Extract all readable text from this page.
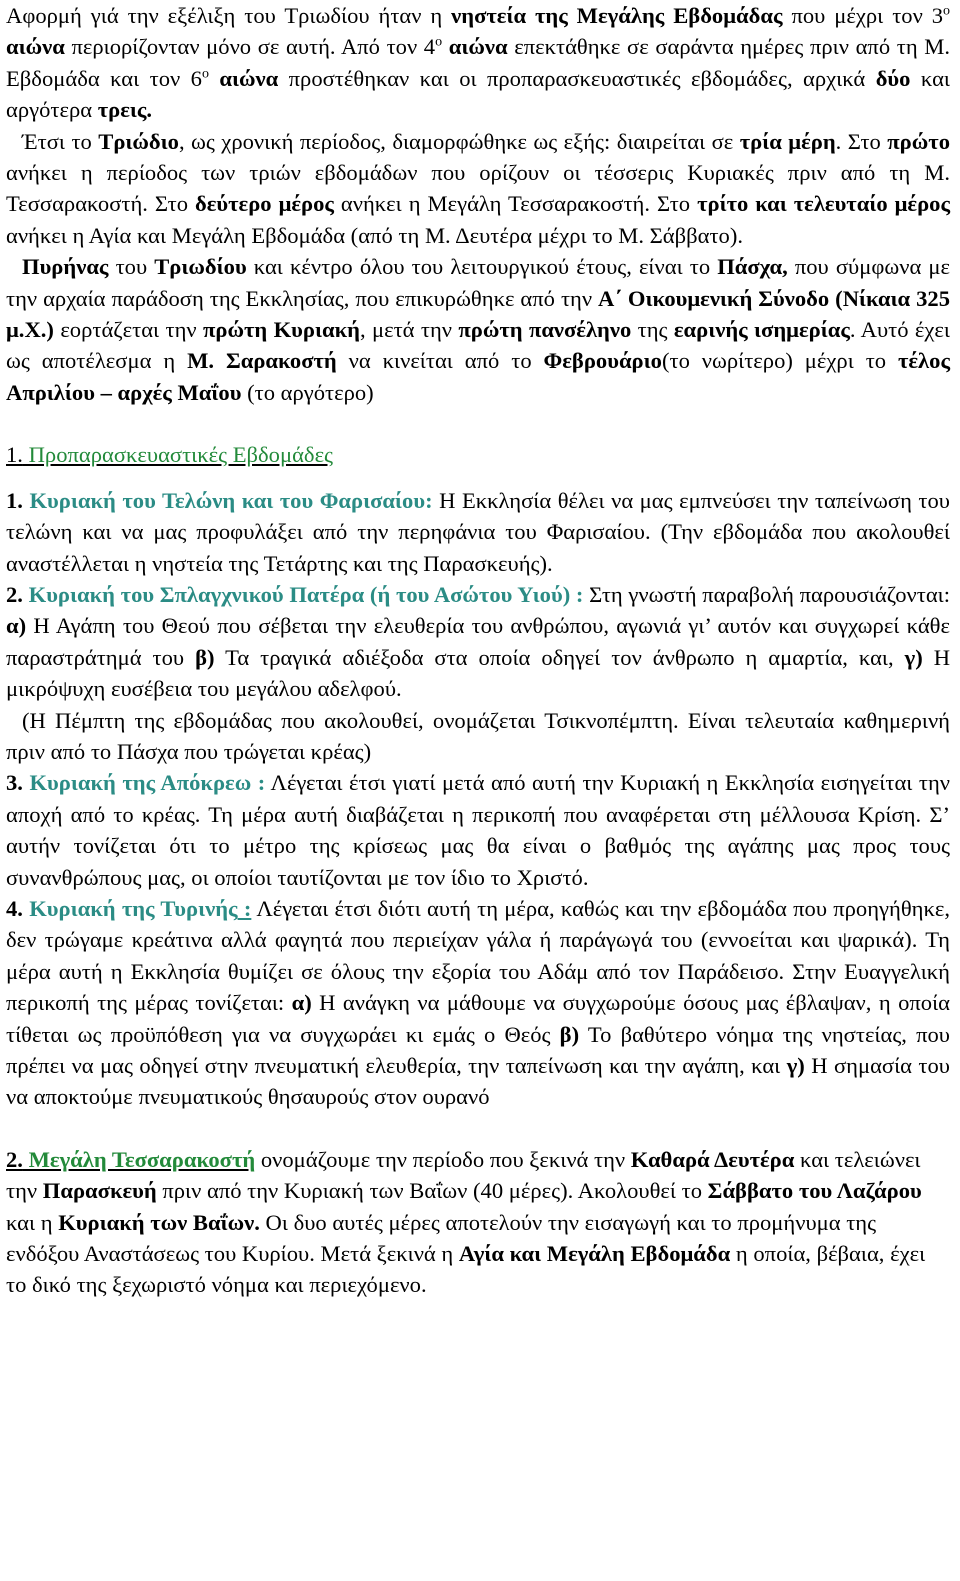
Αφορμή γιά την εξέλιξη του Τριωδίου ήταν η νηστεία της Μεγάλης Εβδομάδας που μέχρι τον $3^o$ αιώνα περιορίζονταν μόνο σε αυτή. Από τον $4^o$ αιώνα επεκτάθηκε σε σαράντα ημέρες πριν από τη Μ. Εβδομάδα και τον $6^o$ αιώνα προστέθηκαν και οι προπαρασκευαστικές εβδομάδες, αρχικά δύο και αργότερα τρεις.

Έτσι το Τριώδιο, ως χρονική περίοδος, διαμορφώθηκε ως εξής: διαιρείται σε τρία μέρη. Στο πρώτο ανήκει η περίοδος των τριών εβδομάδων που ορίζουν οι τέσσερις Κυριακές πριν από τη Μ. Τεσσαρακοστή. Στο δεύτερο μέρος ανήκει η Μεγάλη Τεσσαρακοστή. Στο τρίτο και τελευταίο μέρος ανήκει η Αγία και Μεγάλη Εβδομάδα (από τη Μ. Δευτέρα μέχρι το Μ. Σάββατο).

Πυρήνας του Τριωδίου και κέντρο όλου του λειτουργικού έτους, είναι το Πάσχα, που σύμφωνα με την αρχαία παράδοση της Εκκλησίας, που επικυρώθηκε από την Α΄ Οικουμενική Σύνοδο (Νίκαια 325 μ.Χ.) εορτάζεται την πρώτη Κυριακή, μετά την πρώτη πανσέληνο της εαρινής ισημερίας. Αυτό έχει ως αποτέλεσμα η Μ. Σαρακοστή να κινείται από το Φεβρουάριο(το νωρίτερο) μέχρι το τέλος Απριλίου – αρχές Μαΐου (το αργότερο)

1. Προπαρασκευαστικές Εβδομάδες

1. Κυριακή του Τελώνη και του Φαρισαίου: Η Εκκλησία θέλει να μας εμπνεύσει την ταπείνωση του τελώνη και να μας προφυλάξει από την περηφάνια του Φαρισαίου. (Την εβδομάδα που ακολουθεί αναστέλλεται η νηστεία της Τετάρτης και της Παρασκευής).

2. Κυριακή του Σπλαγχνικού Πατέρα (ή του Ασώτου Υιού) : Στη γνωστή παραβολή παρουσιάζονται: α) Η Αγάπη του Θεού που σέβεται την ελευθερία του ανθρώπου, αγωνιά γι’ αυτόν και συγχωρεί κάθε παραστράτημά του β) Τα τραγικά αδιέξοδα στα οποία οδηγεί τον άνθρωπο η αμαρτία, και, γ) Η μικρόψυχη ευσέβεια του μεγάλου αδελφού.

(Η Πέμπτη της εβδομάδας που ακολουθεί, ονομάζεται Τσικνοπέμπτη. Είναι τελευταία καθημερινή πριν από το Πάσχα που τρώγεται κρέας)

3. Κυριακή της Απόκρεω : Λέγεται έτσι γιατί μετά από αυτή την Κυριακή η Εκκλησία εισηγείται την αποχή από το κρέας. Τη μέρα αυτή διαβάζεται η περικοπή που αναφέρεται στη μέλλουσα Κρίση. Σ’ αυτήν τονίζεται ότι το μέτρο της κρίσεως μας θα είναι ο βαθμός της αγάπης μας προς τους συνανθρώπους μας, οι οποίοι ταυτίζονται με τον ίδιο το Χριστό.

4. Κυριακή της Τυρινής : Λέγεται έτσι διότι αυτή τη μέρα, καθώς και την εβδομάδα που προηγήθηκε, δεν τρώγαμε κρεάτινα αλλά φαγητά που περιείχαν γάλα ή παράγωγά του (εννοείται και ψαρικά). Τη μέρα αυτή η Εκκλησία θυμίζει σε όλους την εξορία του Αδάμ από τον Παράδεισο. Στην Ευαγγελική περικοπή της μέρας τονίζεται: α) Η ανάγκη να μάθουμε να συγχωρούμε όσους μας έβλαψαν, η οποία τίθεται ως προϋπόθεση για να συγχωράει κι εμάς ο Θεός β) Το βαθύτερο νόημα της νηστείας, που πρέπει να μας οδηγεί στην πνευματική ελευθερία, την ταπείνωση και την αγάπη, και γ) Η σημασία του να αποκτούμε πνευματικούς θησαυρούς στον ουρανό

2. Μεγάλη Τεσσαρακοστή ονομάζουμε την περίοδο που ξεκινά την Καθαρά Δευτέρα και τελειώνει την Παρασκευή πριν από την Κυριακή των Βαΐων (40 μέρες). Ακολουθεί το Σάββατο του Λαζάρου και η Κυριακή των Βαΐων. Οι δυο αυτές μέρες αποτελούν την εισαγωγή και το προμήνυμα της ενδόξου Αναστάσεως του Κυρίου. Μετά ξεκινά η Αγία και Μεγάλη Εβδομάδα η οποία, βέβαια, έχει το δικό της ξεχωριστό νόημα και περιεχόμενο.
